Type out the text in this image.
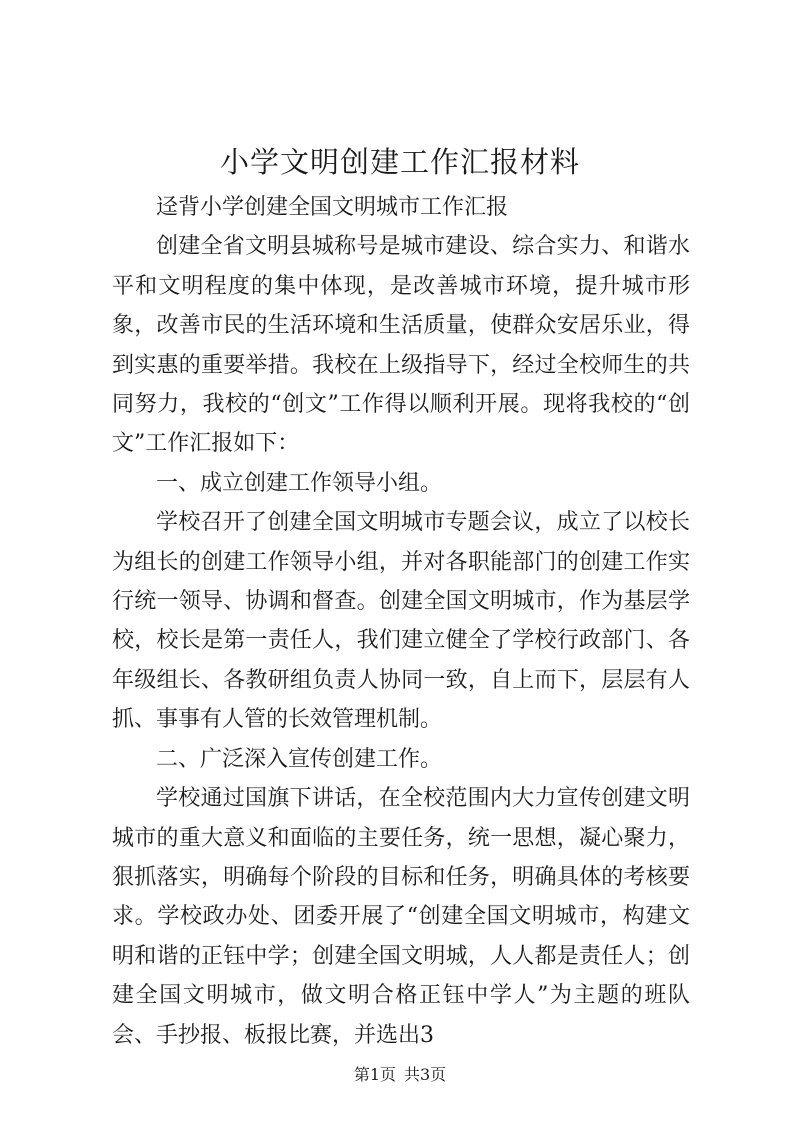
小学文明创建工作汇报材料

迳背小学创建全国文明城市工作汇报

创建全省文明县城称号是城市建设、综合实力、和谐水平和文明程度的集中体现，是改善城市环境，提升城市形象，改善市民的生活环境和生活质量，使群众安居乐业，得到实惠的重要举措。我校在上级指导下，经过全校师生的共同努力，我校的“创文”工作得以顺利开展。现将我校的“创文”工作汇报如下：

一、成立创建工作领导小组。

学校召开了创建全国文明城市专题会议，成立了以校长为组长的创建工作领导小组，并对各职能部门的创建工作实行统一领导、协调和督查。创建全国文明城市，作为基层学校，校长是第一责任人，我们建立健全了学校行政部门、各年级组长、各教研组负责人协同一致，自上而下，层层有人抓、事事有人管的长效管理机制。

二、广泛深入宣传创建工作。

学校通过国旗下讲话，在全校范围内大力宣传创建文明城市的重大意义和面临的主要任务，统一思想，凝心聚力，狠抓落实，明确每个阶段的目标和任务，明确具体的考核要求。学校政办处、团委开展了“创建全国文明城市，构建文明和谐的正钰中学；创建全国文明城，人人都是责任人；创建全国文明城市，做文明合格正钰中学人”为主题的班队会、手抄报、板报比赛，并选出3

第1页 共3页
